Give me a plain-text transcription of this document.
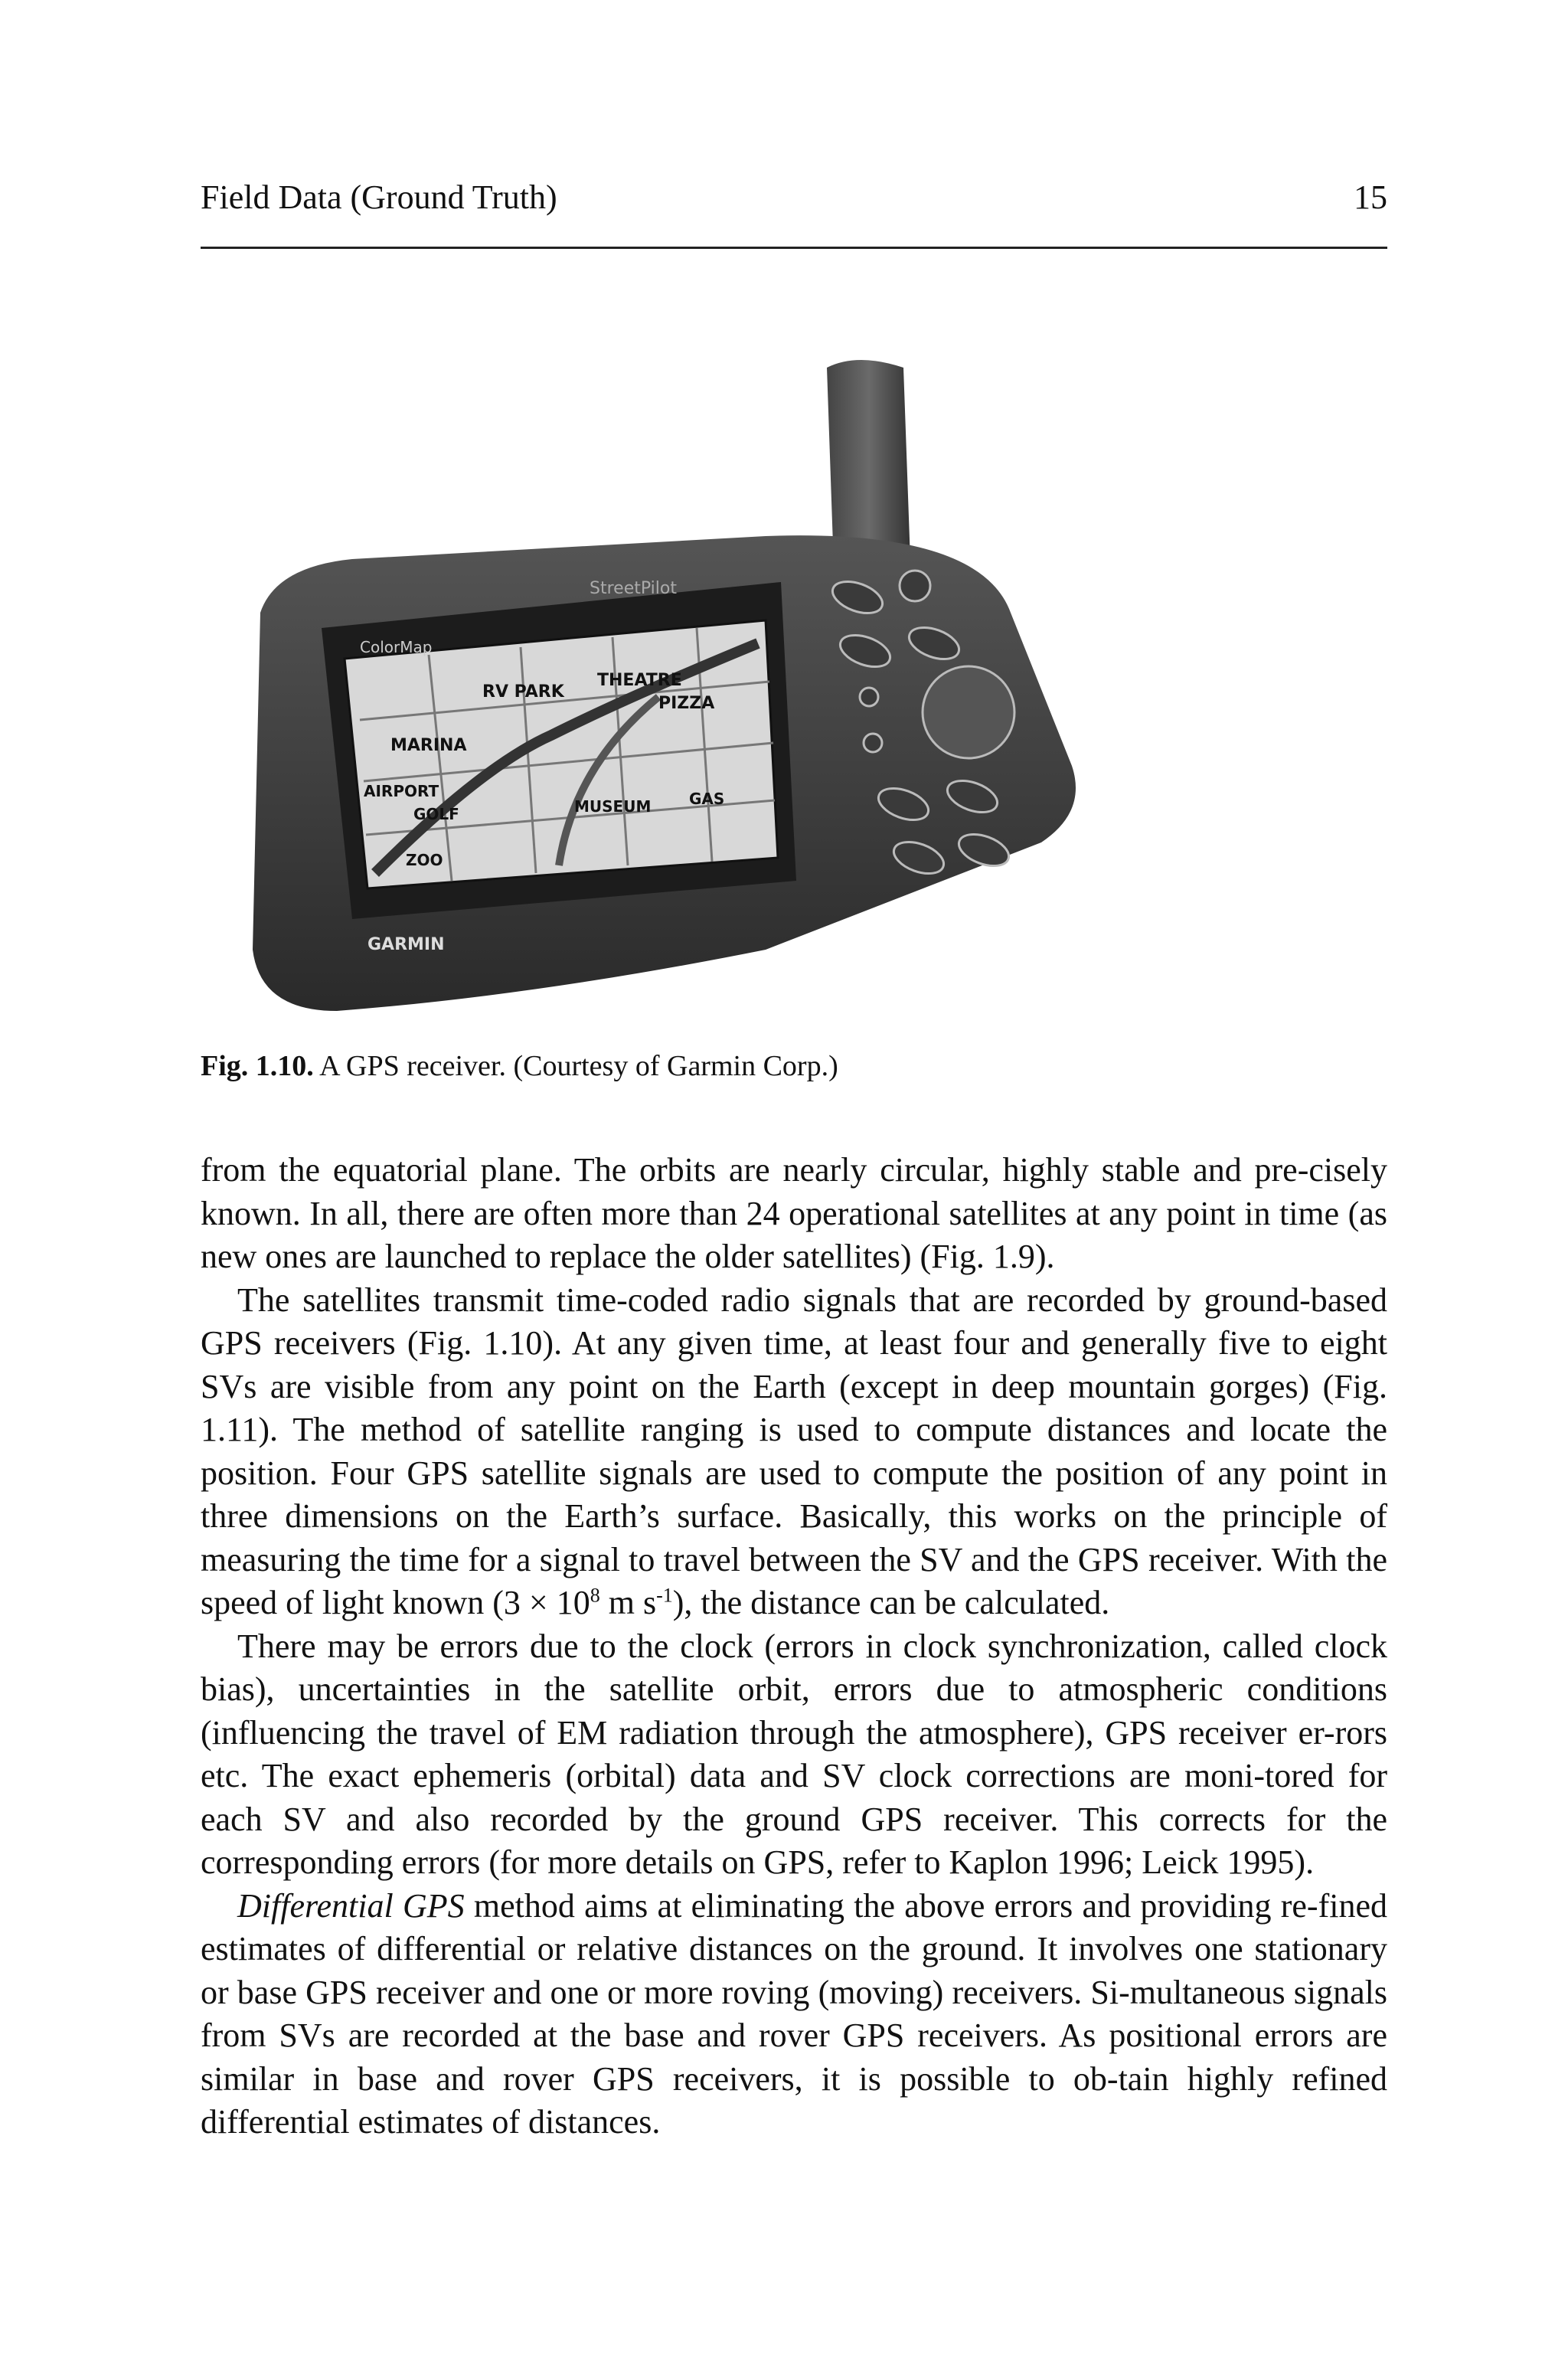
Field Data (Ground Truth)	15
ColorMap
RV PARK
THEATRE
PIZZA
MARINA
AIRPORT
GOLF	MUSEUM GAS
ZOO
StreetPilot
GARMIN
Fig. 1.10. A GPS receiver. (Courtesy of Garmin Corp.)

from the equatorial plane. The orbits are nearly circular, highly stable and pre-cisely known. In all, there are often more than 24 operational satellites at any point in time (as new ones are launched to replace the older satellites) (Fig. 1.9).

The satellites transmit time-coded radio signals that are recorded by ground-based GPS receivers (Fig. 1.10). At any given time, at least four and generally five to eight SVs are visible from any point on the Earth (except in deep mountain gorges) (Fig. 1.11). The method of satellite ranging is used to compute distances and locate the position. Four GPS satellite signals are used to compute the position of any point in three dimensions on the Earth’s surface. Basically, this works on the principle of measuring the time for a signal to travel between the SV and the GPS receiver. With the speed of light known ($3 \times 10^8$ m $s^{-1}$), the distance can be calculated.

There may be errors due to the clock (errors in clock synchronization, called clock bias), uncertainties in the satellite orbit, errors due to atmospheric conditions (influencing the travel of EM radiation through the atmosphere), GPS receiver er-rors etc. The exact ephemeris (orbital) data and SV clock corrections are moni-tored for each SV and also recorded by the ground GPS receiver. This corrects for the corresponding errors (for more details on GPS, refer to Kaplon 1996; Leick 1995).

Differential GPS method aims at eliminating the above errors and providing re-fined estimates of differential or relative distances on the ground. It involves one stationary or base GPS receiver and one or more roving (moving) receivers. Si-multaneous signals from SVs are recorded at the base and rover GPS receivers. As positional errors are similar in base and rover GPS receivers, it is possible to ob-tain highly refined differential estimates of distances.
